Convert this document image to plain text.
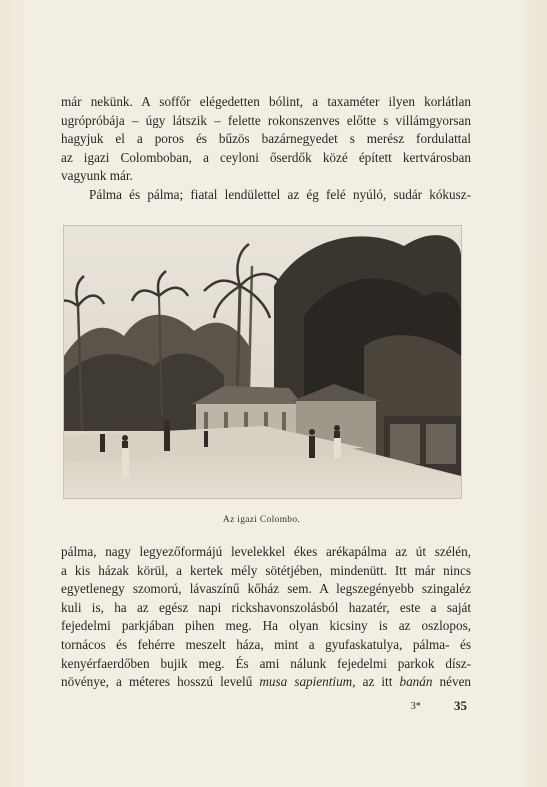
már nekünk. A soffőr elégedetten bólint, a taxaméter ilyen korlátlan
ugrópróbája – úgy látszik – felette rokonszenves előtte s villámgyorsan
hagyjuk el a poros és bűzös bazárnegyedet s merész fordulattal
az igazi Colomboban, a ceyloni őserdők közé épített kertvárosban
vagyunk már.

Pálma és pálma; fiatal lendülettel az ég felé nyúló, sudár kókusz-

Az igazi Colombo.

pálma, nagy legyezőformájú levelekkel ékes arékapálma az út szélén,
a kis házak körül, a kertek mély sötétjében, mindenütt. Itt már nincs
egyetlenegy szomorú, lávaszínű kőház sem. A legszegényebb szingaléz
kuli is, ha az egész napi rickshavonszolásból hazatér, este a saját
fejedelmi parkjában pihen meg. Ha olyan kicsiny is az oszlopos,
tornácos és fehérre meszelt háza, mint a gyufaskatulya, pálma- és
kenyérfaerdőben bujik meg. És ami nálunk fejedelmi parkok dísz-
növénye, a méteres hosszú levelű musa sapientium, az itt banán néven

3*	35
